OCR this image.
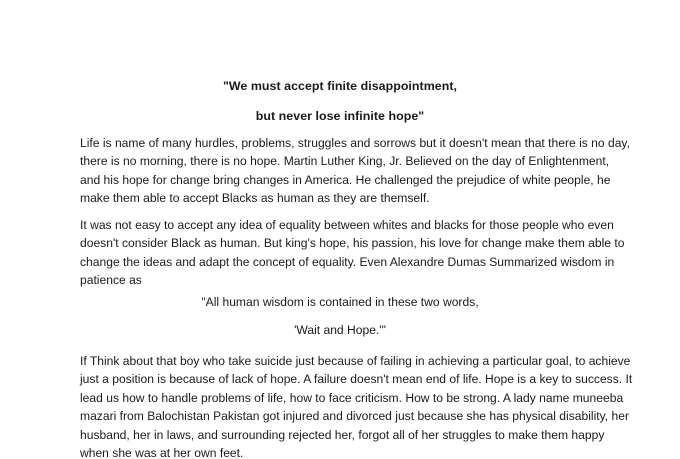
"We must accept finite disappointment,
but never lose infinite hope"

Life is name of many hurdles, problems, struggles and sorrows but it doesn't mean that there is no day,
there is no morning, there is no hope. Martin Luther King, Jr. Believed on the day of Enlightenment,
and his hope for change bring changes in America. He challenged the prejudice of white people, he
make them able to accept Blacks as human as they are themself.

It was not easy to accept any idea of equality between whites and blacks for those people who even
doesn't consider Black as human. But king's hope, his passion, his love for change make them able to
change the ideas and adapt the concept of equality. Even Alexandre Dumas Summarized wisdom in
patience as

"All human wisdom is contained in these two words,
'Wait and Hope.'"

If Think about that boy who take suicide just because of failing in achieving a particular goal, to achieve
just a position is because of lack of hope. A failure doesn't mean end of life. Hope is a key to success. It
lead us how to handle problems of life, how to face criticism. How to be strong. A lady name muneeba
mazari from Balochistan Pakistan got injured and divorced just because she has physical disability, her
husband, her in laws, and surrounding rejected her, forgot all of her struggles to make them happy
when she was at her own feet.
